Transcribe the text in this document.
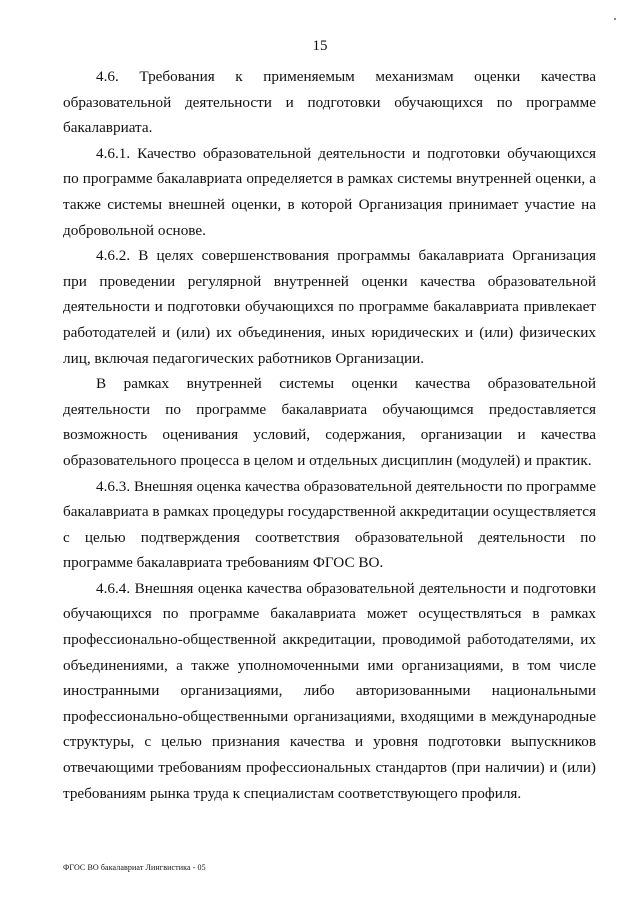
15

4.6. Требования к применяемым механизмам оценки качества образовательной деятельности и подготовки обучающихся по программе бакалавриата.

4.6.1. Качество образовательной деятельности и подготовки обучающихся по программе бакалавриата определяется в рамках системы внутренней оценки, а также системы внешней оценки, в которой Организация принимает участие на добровольной основе.

4.6.2. В целях совершенствования программы бакалавриата Организация при проведении регулярной внутренней оценки качества образовательной деятельности и подготовки обучающихся по программе бакалавриата привлекает работодателей и (или) их объединения, иных юридических и (или) физических лиц, включая педагогических работников Организации.

В рамках внутренней системы оценки качества образовательной деятельности по программе бакалавриата обучающимся предоставляется возможность оценивания условий, содержания, организации и качества образовательного процесса в целом и отдельных дисциплин (модулей) и практик.

4.6.3. Внешняя оценка качества образовательной деятельности по программе бакалавриата в рамках процедуры государственной аккредитации осуществляется с целью подтверждения соответствия образовательной деятельности по программе бакалавриата требованиям ФГОС ВО.

4.6.4. Внешняя оценка качества образовательной деятельности и подготовки обучающихся по программе бакалавриата может осуществляться в рамках профессионально-общественной аккредитации, проводимой работодателями, их объединениями, а также уполномоченными ими организациями, в том числе иностранными организациями, либо авторизованными национальными профессионально-общественными организациями, входящими в международные структуры, с целью признания качества и уровня подготовки выпускников отвечающими требованиям профессиональных стандартов (при наличии) и (или) требованиям рынка труда к специалистам соответствующего профиля.

ФГОС ВО бакалавриат Лингвистика - 05
